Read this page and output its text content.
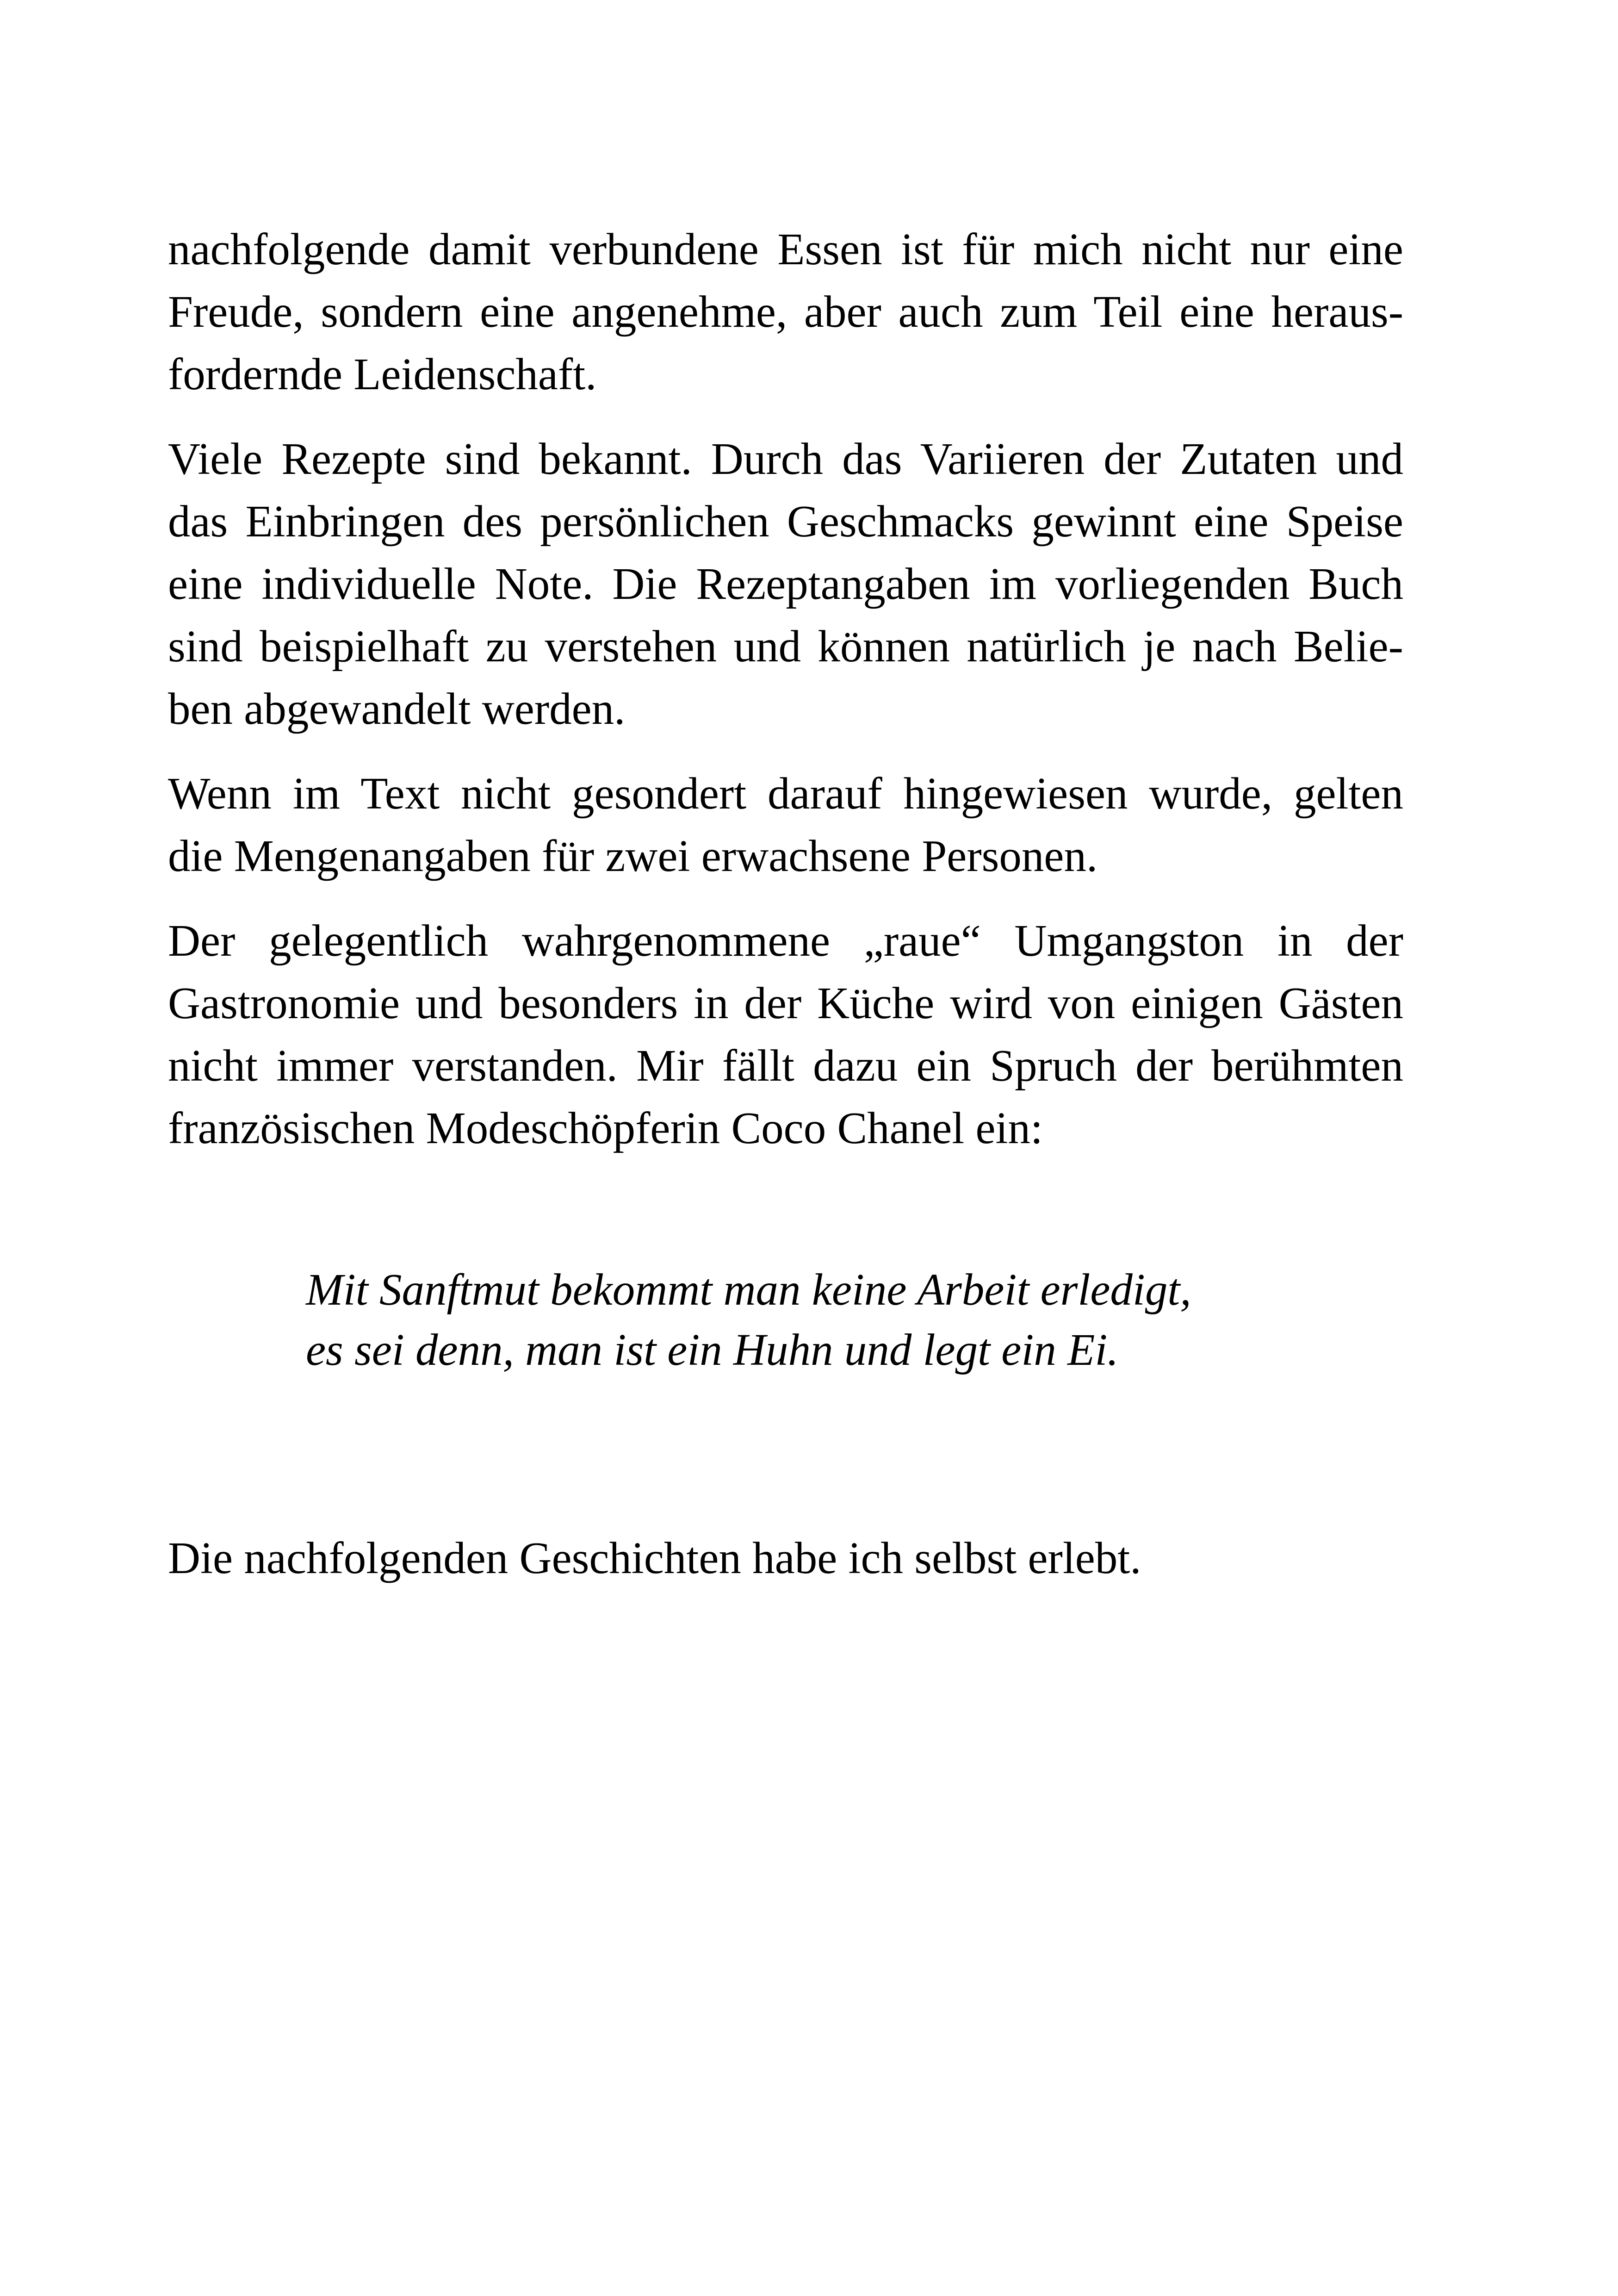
nachfolgende damit verbundene Essen ist für mich nicht nur eine
Freude, sondern eine angenehme, aber auch zum Teil eine heraus-
fordernde Leidenschaft.
Viele Rezepte sind bekannt. Durch das Variieren der Zutaten und
das Einbringen des persönlichen Geschmacks gewinnt eine Speise
eine individuelle Note. Die Rezeptangaben im vorliegenden Buch
sind beispielhaft zu verstehen und können natürlich je nach Belie-
ben abgewandelt werden.
Wenn im Text nicht gesondert darauf hingewiesen wurde, gelten
die Mengenangaben für zwei erwachsene Personen.
Der gelegentlich wahrgenommene „raue“ Umgangston in der
Gastronomie und besonders in der Küche wird von einigen Gästen
nicht immer verstanden. Mir fällt dazu ein Spruch der berühmten
französischen Modeschöpferin Coco Chanel ein:
Mit Sanftmut bekommt man keine Arbeit erledigt,
es sei denn, man ist ein Huhn und legt ein Ei.
Die nachfolgenden Geschichten habe ich selbst erlebt.
